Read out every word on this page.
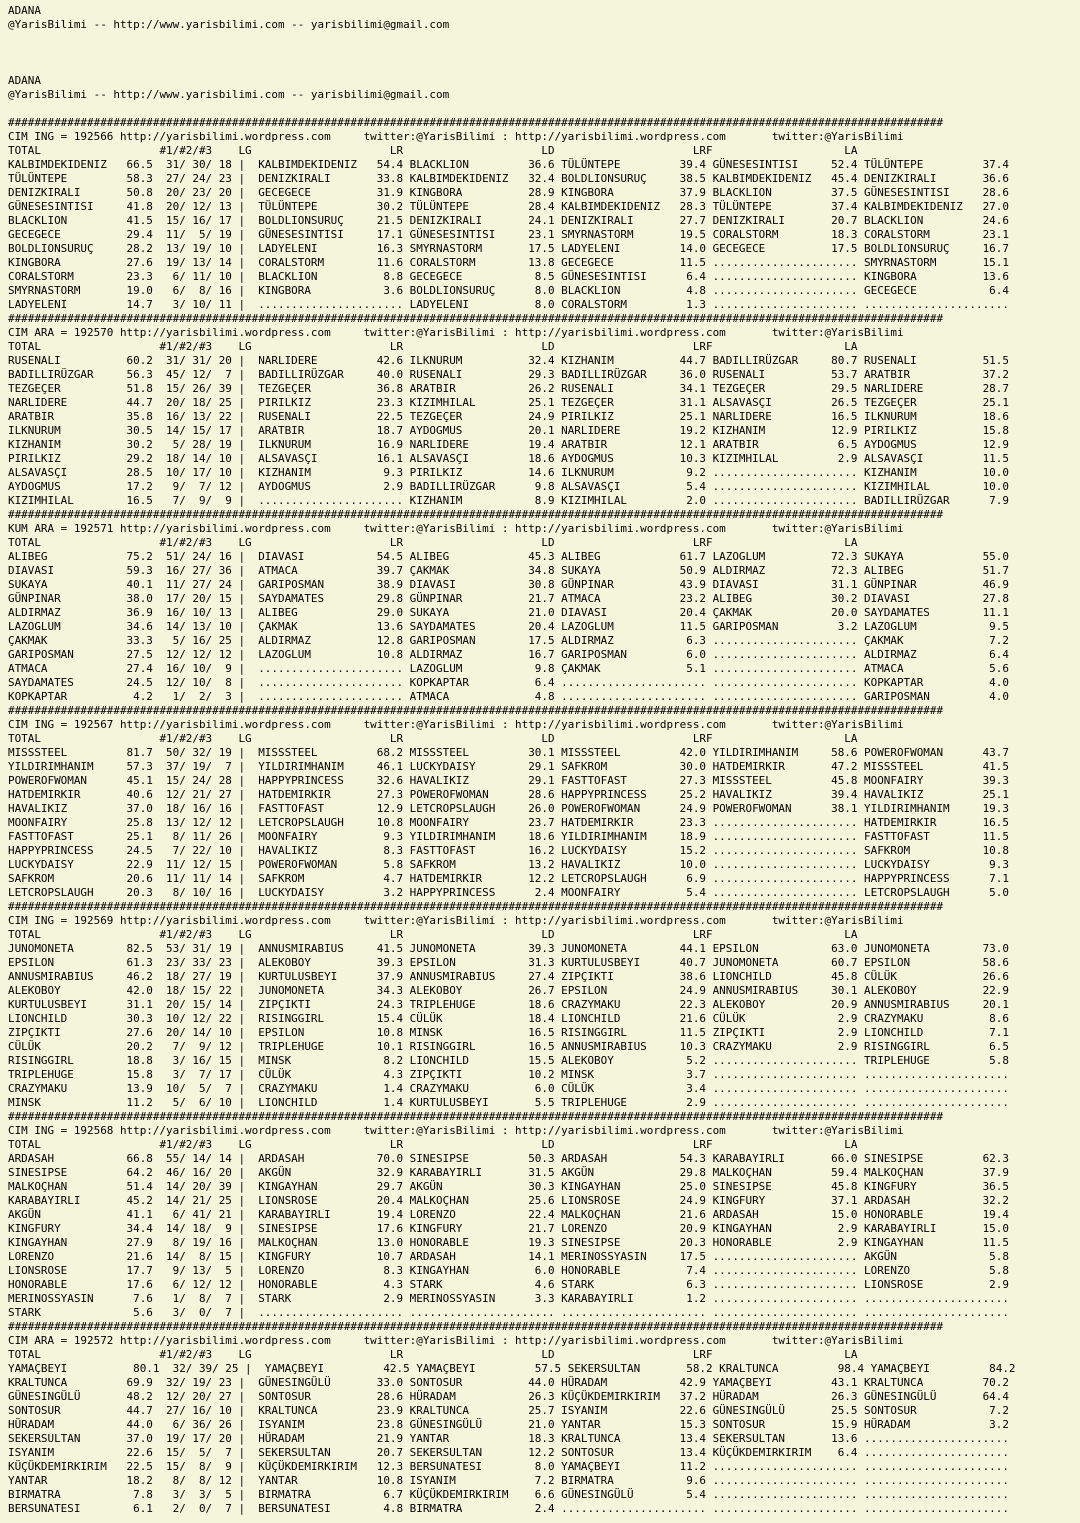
ADANA
@YarisBilimi -- http://www.yarisbilimi.com -- yarisbilimi@gmail.com
ADANA
@YarisBilimi -- http://www.yarisbilimi.com -- yarisbilimi@gmail.com
##############################################################################################################################################
CIM ING = 192566 http://yarisbilimi.wordpress.com     twitter:@YarisBilimi : http://yarisbilimi.wordpress.com       twitter:@YarisBilimi
TOTAL                  #1/#2/#3    LG                     LR                     LD                     LRF                    LA
KALBIMDEKIDENIZ   66.5  31/ 30/ 18 |  KALBIMDEKIDENIZ   54.4 BLACKLION         36.6 TÜLÜNTEPE         39.4 GÜNESESINTISI     52.4 TÜLÜNTEPE         37.4
TÜLÜNTEPE         58.3  27/ 24/ 23 |  DENIZKIRALI       33.8 KALBIMDEKIDENIZ   32.4 BOLDLIONSURUÇ     38.5 KALBIMDEKIDENIZ   45.4 DENIZKIRALI       36.6
DENIZKIRALI       50.8  20/ 23/ 20 |  GECEGECE          31.9 KINGBORA          28.9 KINGBORA          37.9 BLACKLION         37.5 GÜNESESINTISI     28.6
GÜNESESINTISI     41.8  20/ 12/ 13 |  TÜLÜNTEPE         30.2 TÜLÜNTEPE         28.4 KALBIMDEKIDENIZ   28.3 TÜLÜNTEPE         37.4 KALBIMDEKIDENIZ   27.0
BLACKLION         41.5  15/ 16/ 17 |  BOLDLIONSURUÇ     21.5 DENIZKIRALI       24.1 DENIZKIRALI       27.7 DENIZKIRALI       20.7 BLACKLION         24.6
GECEGECE          29.4  11/  5/ 19 |  GÜNESESINTISI     17.1 GÜNESESINTISI     23.1 SMYRNASTORM       19.5 CORALSTORM        18.3 CORALSTORM        23.1
BOLDLIONSURUÇ     28.2  13/ 19/ 10 |  LADYELENI         16.3 SMYRNASTORM       17.5 LADYELENI         14.0 GECEGECE          17.5 BOLDLIONSURUÇ     16.7
KINGBORA          27.6  19/ 13/ 14 |  CORALSTORM        11.6 CORALSTORM        13.8 GECEGECE          11.5 ...................... SMYRNASTORM       15.1
CORALSTORM        23.3   6/ 11/ 10 |  BLACKLION          8.8 GECEGECE           8.5 GÜNESESINTISI      6.4 ...................... KINGBORA          13.6
SMYRNASTORM       19.0   6/  8/ 16 |  KINGBORA           3.6 BOLDLIONSURUÇ      8.0 BLACKLION          4.8 ...................... GECEGECE           6.4
LADYELENI         14.7   3/ 10/ 11 |  ...................... LADYELENI          8.0 CORALSTORM         1.3 ...................... ......................
##############################################################################################################################################
CIM ARA = 192570 http://yarisbilimi.wordpress.com     twitter:@YarisBilimi : http://yarisbilimi.wordpress.com       twitter:@YarisBilimi
TOTAL                  #1/#2/#3    LG                     LR                     LD                     LRF                    LA
RUSENALI          60.2  31/ 31/ 20 |  NARLIDERE         42.6 ILKNURUM          32.4 KIZHANIM          44.7 BADILLIRÜZGAR     80.7 RUSENALI          51.5
BADILLIRÜZGAR     56.3  45/ 12/  7 |  BADILLIRÜZGAR     40.0 RUSENALI          29.3 BADILLIRÜZGAR     36.0 RUSENALI          53.7 ARATBIR           37.2
TEZGEÇER          51.8  15/ 26/ 39 |  TEZGEÇER          36.8 ARATBIR           26.2 RUSENALI          34.1 TEZGEÇER          29.5 NARLIDERE         28.7
NARLIDERE         44.7  20/ 18/ 25 |  PIRILKIZ          23.3 KIZIMHILAL        25.1 TEZGEÇER          31.1 ALSAVASÇI         26.5 TEZGEÇER          25.1
ARATBIR           35.8  16/ 13/ 22 |  RUSENALI          22.5 TEZGEÇER          24.9 PIRILKIZ          25.1 NARLIDERE         16.5 ILKNURUM          18.6
ILKNURUM          30.5  14/ 15/ 17 |  ARATBIR           18.7 AYDOGMUS          20.1 NARLIDERE         19.2 KIZHANIM          12.9 PIRILKIZ          15.8
KIZHANIM          30.2   5/ 28/ 19 |  ILKNURUM          16.9 NARLIDERE         19.4 ARATBIR           12.1 ARATBIR            6.5 AYDOGMUS          12.9
PIRILKIZ          29.2  18/ 14/ 10 |  ALSAVASÇI         16.1 ALSAVASÇI         18.6 AYDOGMUS          10.3 KIZIMHILAL         2.9 ALSAVASÇI         11.5
ALSAVASÇI         28.5  10/ 17/ 10 |  KIZHANIM           9.3 PIRILKIZ          14.6 ILKNURUM           9.2 ...................... KIZHANIM          10.0
AYDOGMUS          17.2   9/  7/ 12 |  AYDOGMUS           2.9 BADILLIRÜZGAR      9.8 ALSAVASÇI          5.4 ...................... KIZIMHILAL        10.0
KIZIMHILAL        16.5   7/  9/  9 |  ...................... KIZHANIM           8.9 KIZIMHILAL         2.0 ...................... BADILLIRÜZGAR      7.9
##############################################################################################################################################
KUM ARA = 192571 http://yarisbilimi.wordpress.com     twitter:@YarisBilimi : http://yarisbilimi.wordpress.com       twitter:@YarisBilimi
TOTAL                  #1/#2/#3    LG                     LR                     LD                     LRF                    LA
ALIBEG            75.2  51/ 24/ 16 |  DIAVASI           54.5 ALIBEG            45.3 ALIBEG            61.7 LAZOGLUM          72.3 SUKAYA            55.0
DIAVASI           59.3  16/ 27/ 36 |  ATMACA            39.7 ÇAKMAK            34.8 SUKAYA            50.9 ALDIRMAZ          72.3 ALIBEG            51.7
SUKAYA            40.1  11/ 27/ 24 |  GARIPOSMAN        38.9 DIAVASI           30.8 GÜNPINAR          43.9 DIAVASI           31.1 GÜNPINAR          46.9
GÜNPINAR          38.0  17/ 20/ 15 |  SAYDAMATES        29.8 GÜNPINAR          21.7 ATMACA            23.2 ALIBEG            30.2 DIAVASI           27.8
ALDIRMAZ          36.9  16/ 10/ 13 |  ALIBEG            29.0 SUKAYA            21.0 DIAVASI           20.4 ÇAKMAK            20.0 SAYDAMATES        11.1
LAZOGLUM          34.6  14/ 13/ 10 |  ÇAKMAK            13.6 SAYDAMATES        20.4 LAZOGLUM          11.5 GARIPOSMAN         3.2 LAZOGLUM           9.5
ÇAKMAK            33.3   5/ 16/ 25 |  ALDIRMAZ          12.8 GARIPOSMAN        17.5 ALDIRMAZ           6.3 ...................... ÇAKMAK             7.2
GARIPOSMAN        27.5  12/ 12/ 12 |  LAZOGLUM          10.8 ALDIRMAZ          16.7 GARIPOSMAN         6.0 ...................... ALDIRMAZ           6.4
ATMACA            27.4  16/ 10/  9 |  ...................... LAZOGLUM           9.8 ÇAKMAK             5.1 ...................... ATMACA             5.6
SAYDAMATES        24.5  12/ 10/  8 |  ...................... KOPKAPTAR          6.4 ...................... ...................... KOPKAPTAR          4.0
KOPKAPTAR          4.2   1/  2/  3 |  ...................... ATMACA             4.8 ...................... ...................... GARIPOSMAN         4.0
##############################################################################################################################################
CIM ING = 192567 http://yarisbilimi.wordpress.com     twitter:@YarisBilimi : http://yarisbilimi.wordpress.com       twitter:@YarisBilimi
TOTAL                  #1/#2/#3    LG                     LR                     LD                     LRF                    LA
MISSSTEEL         81.7  50/ 32/ 19 |  MISSSTEEL         68.2 MISSSTEEL         30.1 MISSSTEEL         42.0 YILDIRIMHANIM     58.6 POWEROFWOMAN      43.7
YILDIRIMHANIM     57.3  37/ 19/  7 |  YILDIRIMHANIM     46.1 LUCKYDAISY        29.1 SAFKROM           30.0 HATDEMIRKIR       47.2 MISSSTEEL         41.5
POWEROFWOMAN      45.1  15/ 24/ 28 |  HAPPYPRINCESS     32.6 HAVALIKIZ         29.1 FASTTOFAST        27.3 MISSSTEEL         45.8 MOONFAIRY         39.3
HATDEMIRKIR       40.6  12/ 21/ 27 |  HATDEMIRKIR       27.3 POWEROFWOMAN      28.6 HAPPYPRINCESS     25.2 HAVALIKIZ         39.4 HAVALIKIZ         25.1
HAVALIKIZ         37.0  18/ 16/ 16 |  FASTTOFAST        12.9 LETCROPSLAUGH     26.0 POWEROFWOMAN      24.9 POWEROFWOMAN      38.1 YILDIRIMHANIM     19.3
MOONFAIRY         25.8  13/ 12/ 12 |  LETCROPSLAUGH     10.8 MOONFAIRY         23.7 HATDEMIRKIR       23.3 ...................... HATDEMIRKIR       16.5
FASTTOFAST        25.1   8/ 11/ 26 |  MOONFAIRY          9.3 YILDIRIMHANIM     18.6 YILDIRIMHANIM     18.9 ...................... FASTTOFAST        11.5
HAPPYPRINCESS     24.5   7/ 22/ 10 |  HAVALIKIZ          8.3 FASTTOFAST        16.2 LUCKYDAISY        15.2 ...................... SAFKROM           10.8
LUCKYDAISY        22.9  11/ 12/ 15 |  POWEROFWOMAN       5.8 SAFKROM           13.2 HAVALIKIZ         10.0 ...................... LUCKYDAISY         9.3
SAFKROM           20.6  11/ 11/ 14 |  SAFKROM            4.7 HATDEMIRKIR       12.2 LETCROPSLAUGH      6.9 ...................... HAPPYPRINCESS      7.1
LETCROPSLAUGH     20.3   8/ 10/ 16 |  LUCKYDAISY         3.2 HAPPYPRINCESS      2.4 MOONFAIRY          5.4 ...................... LETCROPSLAUGH      5.0
##############################################################################################################################################
CIM ING = 192569 http://yarisbilimi.wordpress.com     twitter:@YarisBilimi : http://yarisbilimi.wordpress.com       twitter:@YarisBilimi
TOTAL                  #1/#2/#3    LG                     LR                     LD                     LRF                    LA
JUNOMONETA        82.5  53/ 31/ 19 |  ANNUSMIRABIUS     41.5 JUNOMONETA        39.3 JUNOMONETA        44.1 EPSILON           63.0 JUNOMONETA        73.0
EPSILON           61.3  23/ 33/ 23 |  ALEKOBOY          39.3 EPSILON           31.3 KURTULUSBEYI      40.7 JUNOMONETA        60.7 EPSILON           58.6
ANNUSMIRABIUS     46.2  18/ 27/ 19 |  KURTULUSBEYI      37.9 ANNUSMIRABIUS     27.4 ZIPÇIKTI          38.6 LIONCHILD         45.8 CÜLÜK             26.6
ALEKOBOY          42.0  18/ 15/ 22 |  JUNOMONETA        34.3 ALEKOBOY          26.7 EPSILON           24.9 ANNUSMIRABIUS     30.1 ALEKOBOY          22.9
KURTULUSBEYI      31.1  20/ 15/ 14 |  ZIPÇIKTI          24.3 TRIPLEHUGE        18.6 CRAZYMAKU         22.3 ALEKOBOY          20.9 ANNUSMIRABIUS     20.1
LIONCHILD         30.3  10/ 12/ 22 |  RISINGGIRL        15.4 CÜLÜK             18.4 LIONCHILD         21.6 CÜLÜK              2.9 CRAZYMAKU          8.6
ZIPÇIKTI          27.6  20/ 14/ 10 |  EPSILON           10.8 MINSK             16.5 RISINGGIRL        11.5 ZIPÇIKTI           2.9 LIONCHILD          7.1
CÜLÜK             20.2   7/  9/ 12 |  TRIPLEHUGE        10.1 RISINGGIRL        16.5 ANNUSMIRABIUS     10.3 CRAZYMAKU          2.9 RISINGGIRL         6.5
RISINGGIRL        18.8   3/ 16/ 15 |  MINSK              8.2 LIONCHILD         15.5 ALEKOBOY           5.2 ...................... TRIPLEHUGE         5.8
TRIPLEHUGE        15.8   3/  7/ 17 |  CÜLÜK              4.3 ZIPÇIKTI          10.2 MINSK              3.7 ...................... ......................
CRAZYMAKU         13.9  10/  5/  7 |  CRAZYMAKU          1.4 CRAZYMAKU          6.0 CÜLÜK              3.4 ...................... ......................
MINSK             11.2   5/  6/ 10 |  LIONCHILD          1.4 KURTULUSBEYI       5.5 TRIPLEHUGE         2.9 ...................... ......................
##############################################################################################################################################
CIM ING = 192568 http://yarisbilimi.wordpress.com     twitter:@YarisBilimi : http://yarisbilimi.wordpress.com       twitter:@YarisBilimi
TOTAL                  #1/#2/#3    LG                     LR                     LD                     LRF                    LA
ARDASAH           66.8  55/ 14/ 14 |  ARDASAH           70.0 SINESIPSE         50.3 ARDASAH           54.3 KARABAYIRLI       66.0 SINESIPSE         62.3
SINESIPSE         64.2  46/ 16/ 20 |  AKGÜN             32.9 KARABAYIRLI       31.5 AKGÜN             29.8 MALKOÇHAN         59.4 MALKOÇHAN         37.9
MALKOÇHAN         51.4  14/ 20/ 39 |  KINGAYHAN         29.7 AKGÜN             30.3 KINGAYHAN         25.0 SINESIPSE         45.8 KINGFURY          36.5
KARABAYIRLI       45.2  14/ 21/ 25 |  LIONSROSE         20.4 MALKOÇHAN         25.6 LIONSROSE         24.9 KINGFURY          37.1 ARDASAH           32.2
AKGÜN             41.1   6/ 41/ 21 |  KARABAYIRLI       19.4 LORENZO           22.4 MALKOÇHAN         21.6 ARDASAH           15.0 HONORABLE         19.4
KINGFURY          34.4  14/ 18/  9 |  SINESIPSE         17.6 KINGFURY          21.7 LORENZO           20.9 KINGAYHAN          2.9 KARABAYIRLI       15.0
KINGAYHAN         27.9   8/ 19/ 16 |  MALKOÇHAN         13.0 HONORABLE         19.3 SINESIPSE         20.3 HONORABLE          2.9 KINGAYHAN         11.5
LORENZO           21.6  14/  8/ 15 |  KINGFURY          10.7 ARDASAH           14.1 MERINOSSYASIN     17.5 ...................... AKGÜN              5.8
LIONSROSE         17.7   9/ 13/  5 |  LORENZO            8.3 KINGAYHAN          6.0 HONORABLE          7.4 ...................... LORENZO            5.8
HONORABLE         17.6   6/ 12/ 12 |  HONORABLE          4.3 STARK              4.6 STARK              6.3 ...................... LIONSROSE          2.9
MERINOSSYASIN      7.6   1/  8/  7 |  STARK              2.9 MERINOSSYASIN      3.3 KARABAYIRLI        1.2 ...................... ......................
STARK              5.6   3/  0/  7 |  ...................... ...................... ...................... ...................... ......................
##############################################################################################################################################
CIM ARA = 192572 http://yarisbilimi.wordpress.com     twitter:@YarisBilimi : http://yarisbilimi.wordpress.com       twitter:@YarisBilimi
TOTAL                  #1/#2/#3    LG                     LR                     LD                     LRF                    LA
YAMAÇBEYI          80.1  32/ 39/ 25 |  YAMAÇBEYI         42.5 YAMAÇBEYI         57.5 SEKERSULTAN       58.2 KRALTUNCA         98.4 YAMAÇBEYI         84.2
KRALTUNCA         69.9  32/ 19/ 23 |  GÜNESINGÜLÜ       33.0 SONTOSUR          44.0 HÜRADAM           42.9 YAMAÇBEYI         43.1 KRALTUNCA         70.2
GÜNESINGÜLÜ       48.2  12/ 20/ 27 |  SONTOSUR          28.6 HÜRADAM           26.3 KÜÇÜKDEMIRKIRIM   37.2 HÜRADAM           26.3 GÜNESINGÜLÜ       64.4
SONTOSUR          44.7  27/ 16/ 10 |  KRALTUNCA         23.9 KRALTUNCA         25.7 ISYANIM           22.6 GÜNESINGÜLÜ       25.5 SONTOSUR           7.2
HÜRADAM           44.0   6/ 36/ 26 |  ISYANIM           23.8 GÜNESINGÜLÜ       21.0 YANTAR            15.3 SONTOSUR          15.9 HÜRADAM            3.2
SEKERSULTAN       37.0  19/ 17/ 20 |  HÜRADAM           21.9 YANTAR            18.3 KRALTUNCA         13.4 SEKERSULTAN       13.6 ......................
ISYANIM           22.6  15/  5/  7 |  SEKERSULTAN       20.7 SEKERSULTAN       12.2 SONTOSUR          13.4 KÜÇÜKDEMIRKIRIM    6.4 ......................
KÜÇÜKDEMIRKIRIM   22.5  15/  8/  9 |  KÜÇÜKDEMIRKIRIM   12.3 BERSUNATESI        8.0 YAMAÇBEYI         11.2 ...................... ......................
YANTAR            18.2   8/  8/ 12 |  YANTAR            10.8 ISYANIM            7.2 BIRMATRA           9.6 ...................... ......................
BIRMATRA           7.8   3/  3/  5 |  BIRMATRA           6.7 KÜÇÜKDEMIRKIRIM    6.6 GÜNESINGÜLÜ        5.4 ...................... ......................
BERSUNATESI        6.1   2/  0/  7 |  BERSUNATESI        4.8 BIRMATRA           2.4 ...................... ...................... ......................
